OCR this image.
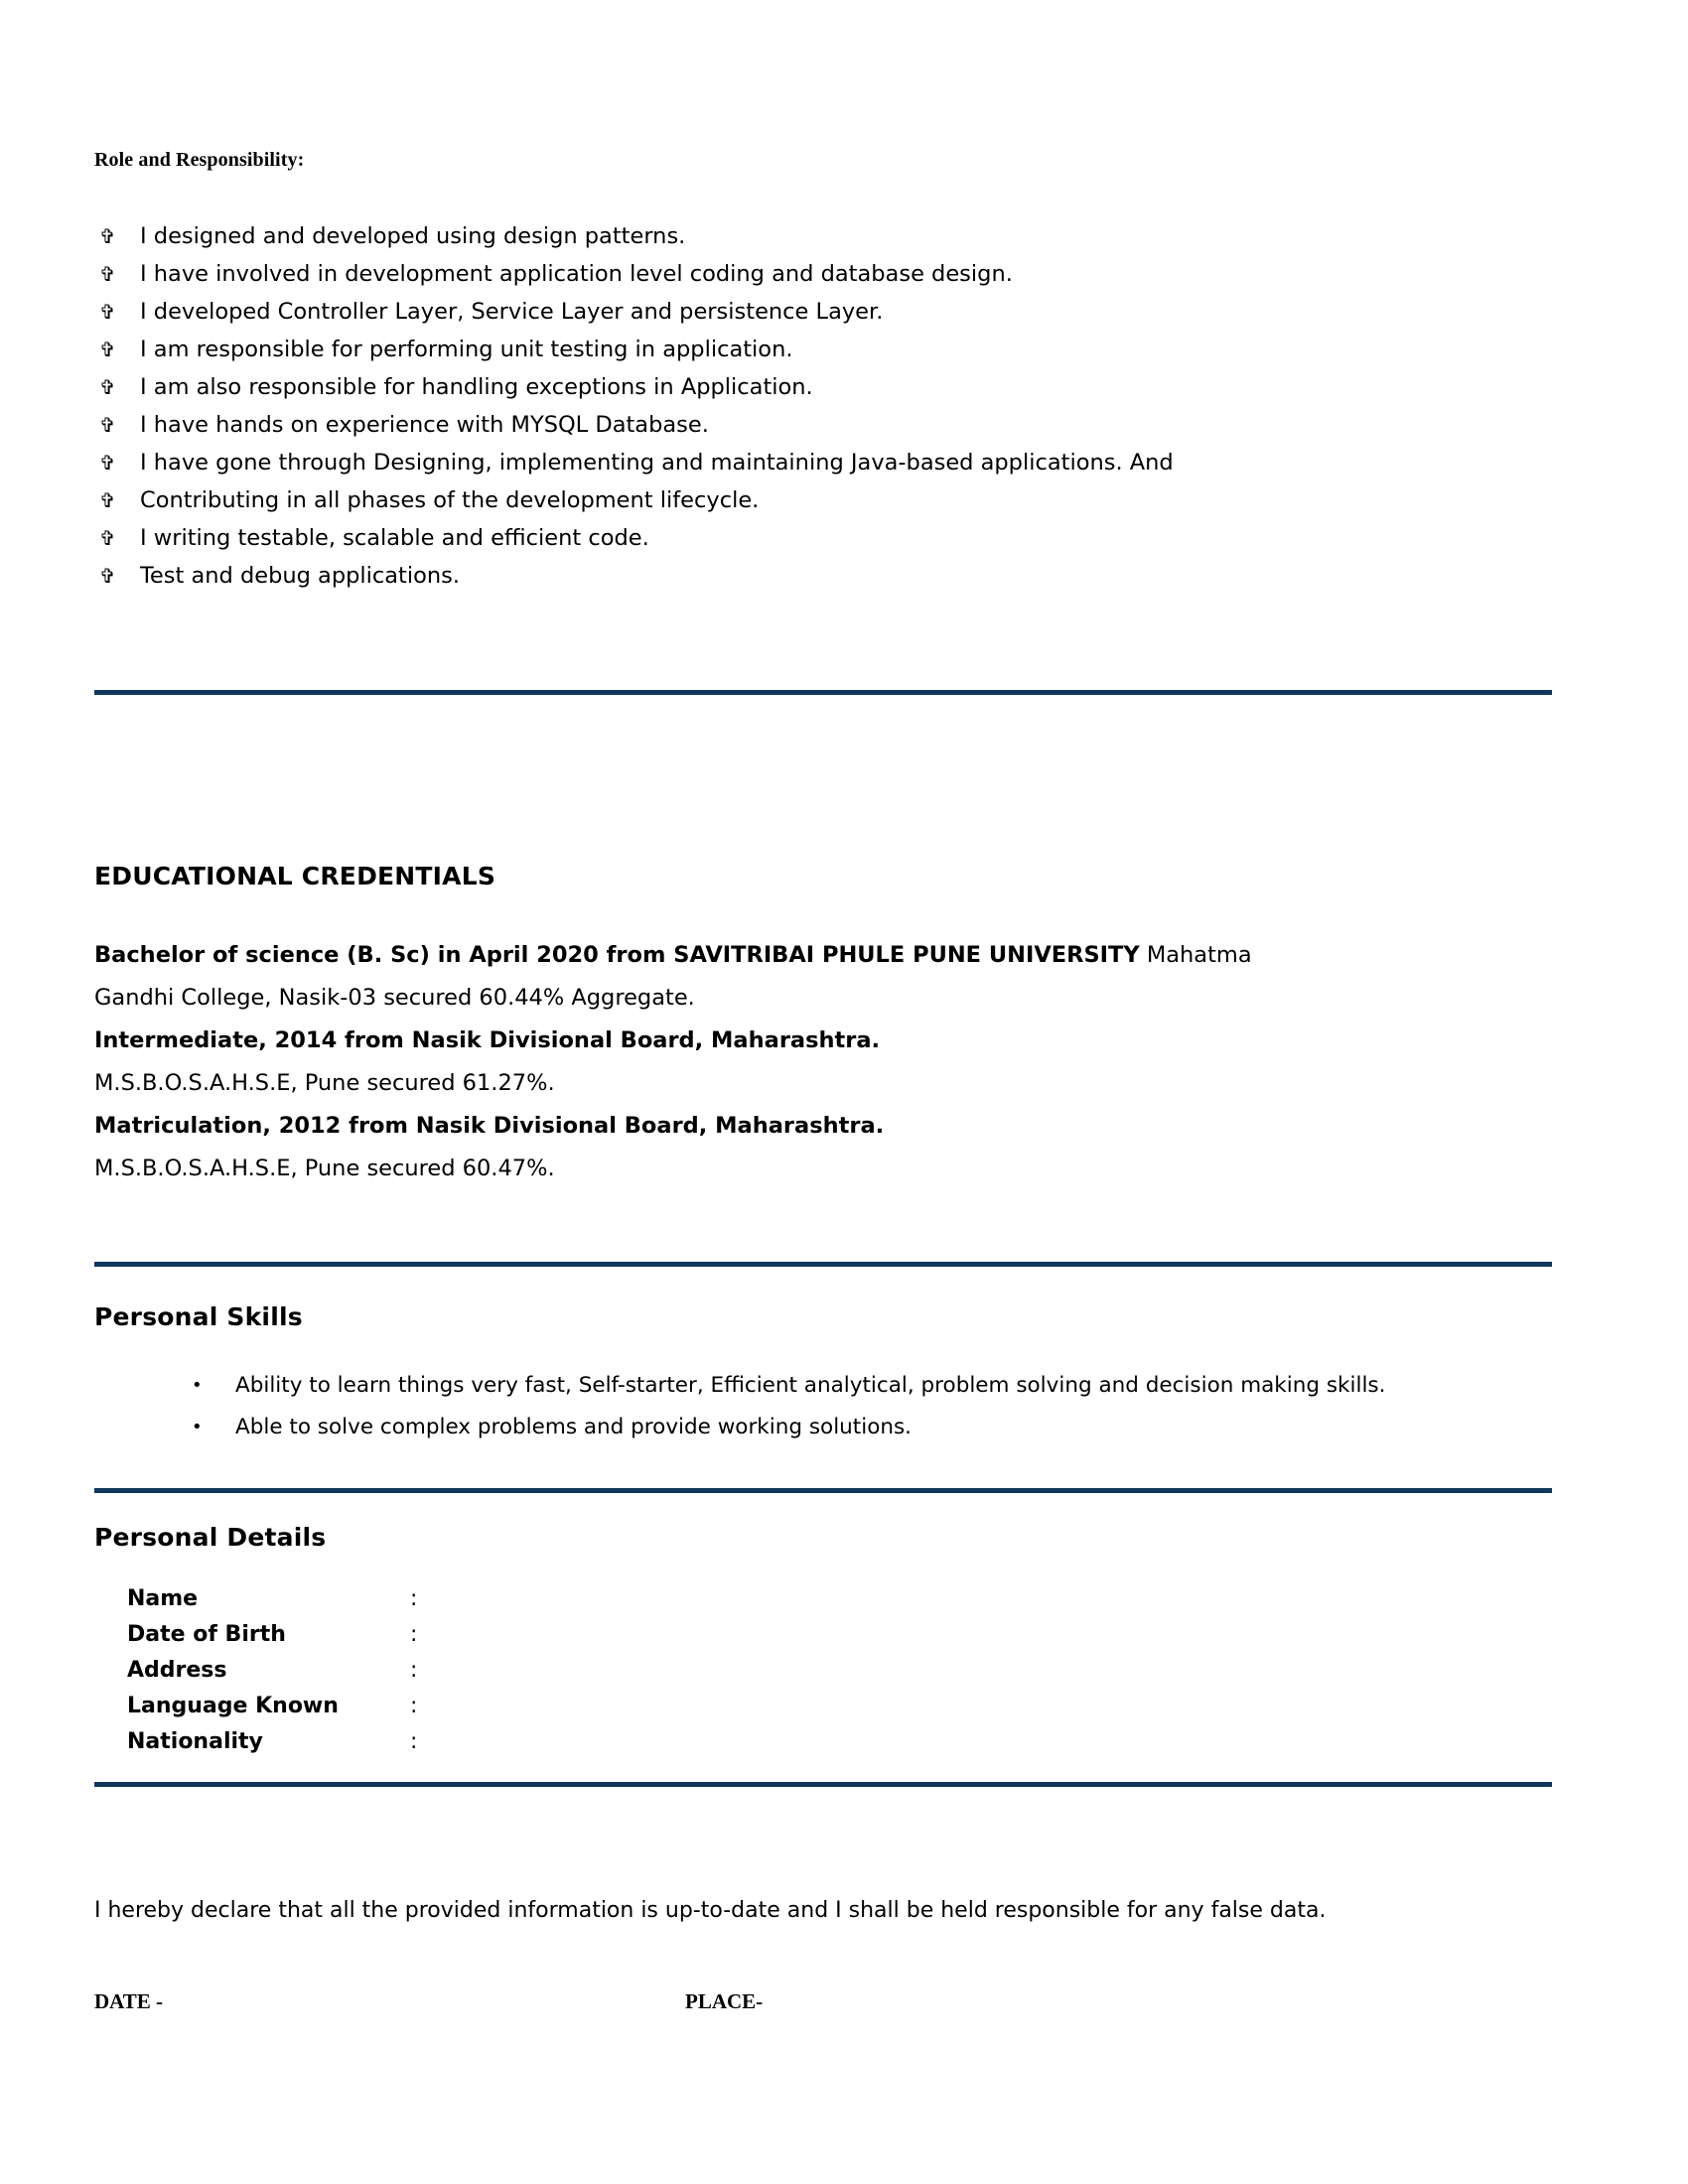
Role and Responsibility:
✞	I designed and developed using design patterns.
✞	I have involved in development application level coding and database design.
✞	I developed Controller Layer, Service Layer and persistence Layer.
✞	I am responsible for performing unit testing in application.
✞	I am also responsible for handling exceptions in Application.
✞	I have hands on experience with MYSQL Database.
✞	I have gone through Designing, implementing and maintaining Java-based applications. And
✞	Contributing in all phases of the development lifecycle.
✞	I writing testable, scalable and efficient code.
✞	Test and debug applications.
EDUCATIONAL CREDENTIALS

Bachelor of science (B. Sc) in April 2020 from SAVITRIBAI PHULE PUNE UNIVERSITY Mahatma

Gandhi College, Nasik-03 secured 60.44% Aggregate.

Intermediate, 2014 from Nasik Divisional Board, Maharashtra.

M.S.B.O.S.A.H.S.E, Pune secured 61.27%.

Matriculation, 2012 from Nasik Divisional Board, Maharashtra.

M.S.B.O.S.A.H.S.E, Pune secured 60.47%.

Personal Skills
•	Ability to learn things very fast, Self-starter, Efficient analytical, problem solving and decision making skills.
•	Able to solve complex problems and provide working solutions.
Personal Details
Name	:	
Date of Birth	:	
Address	:	
Language Known	:	
Nationality	:	
I hereby declare that all the provided information is up-to-date and I shall be held responsible for any false data.
DATE -	PLACE-
